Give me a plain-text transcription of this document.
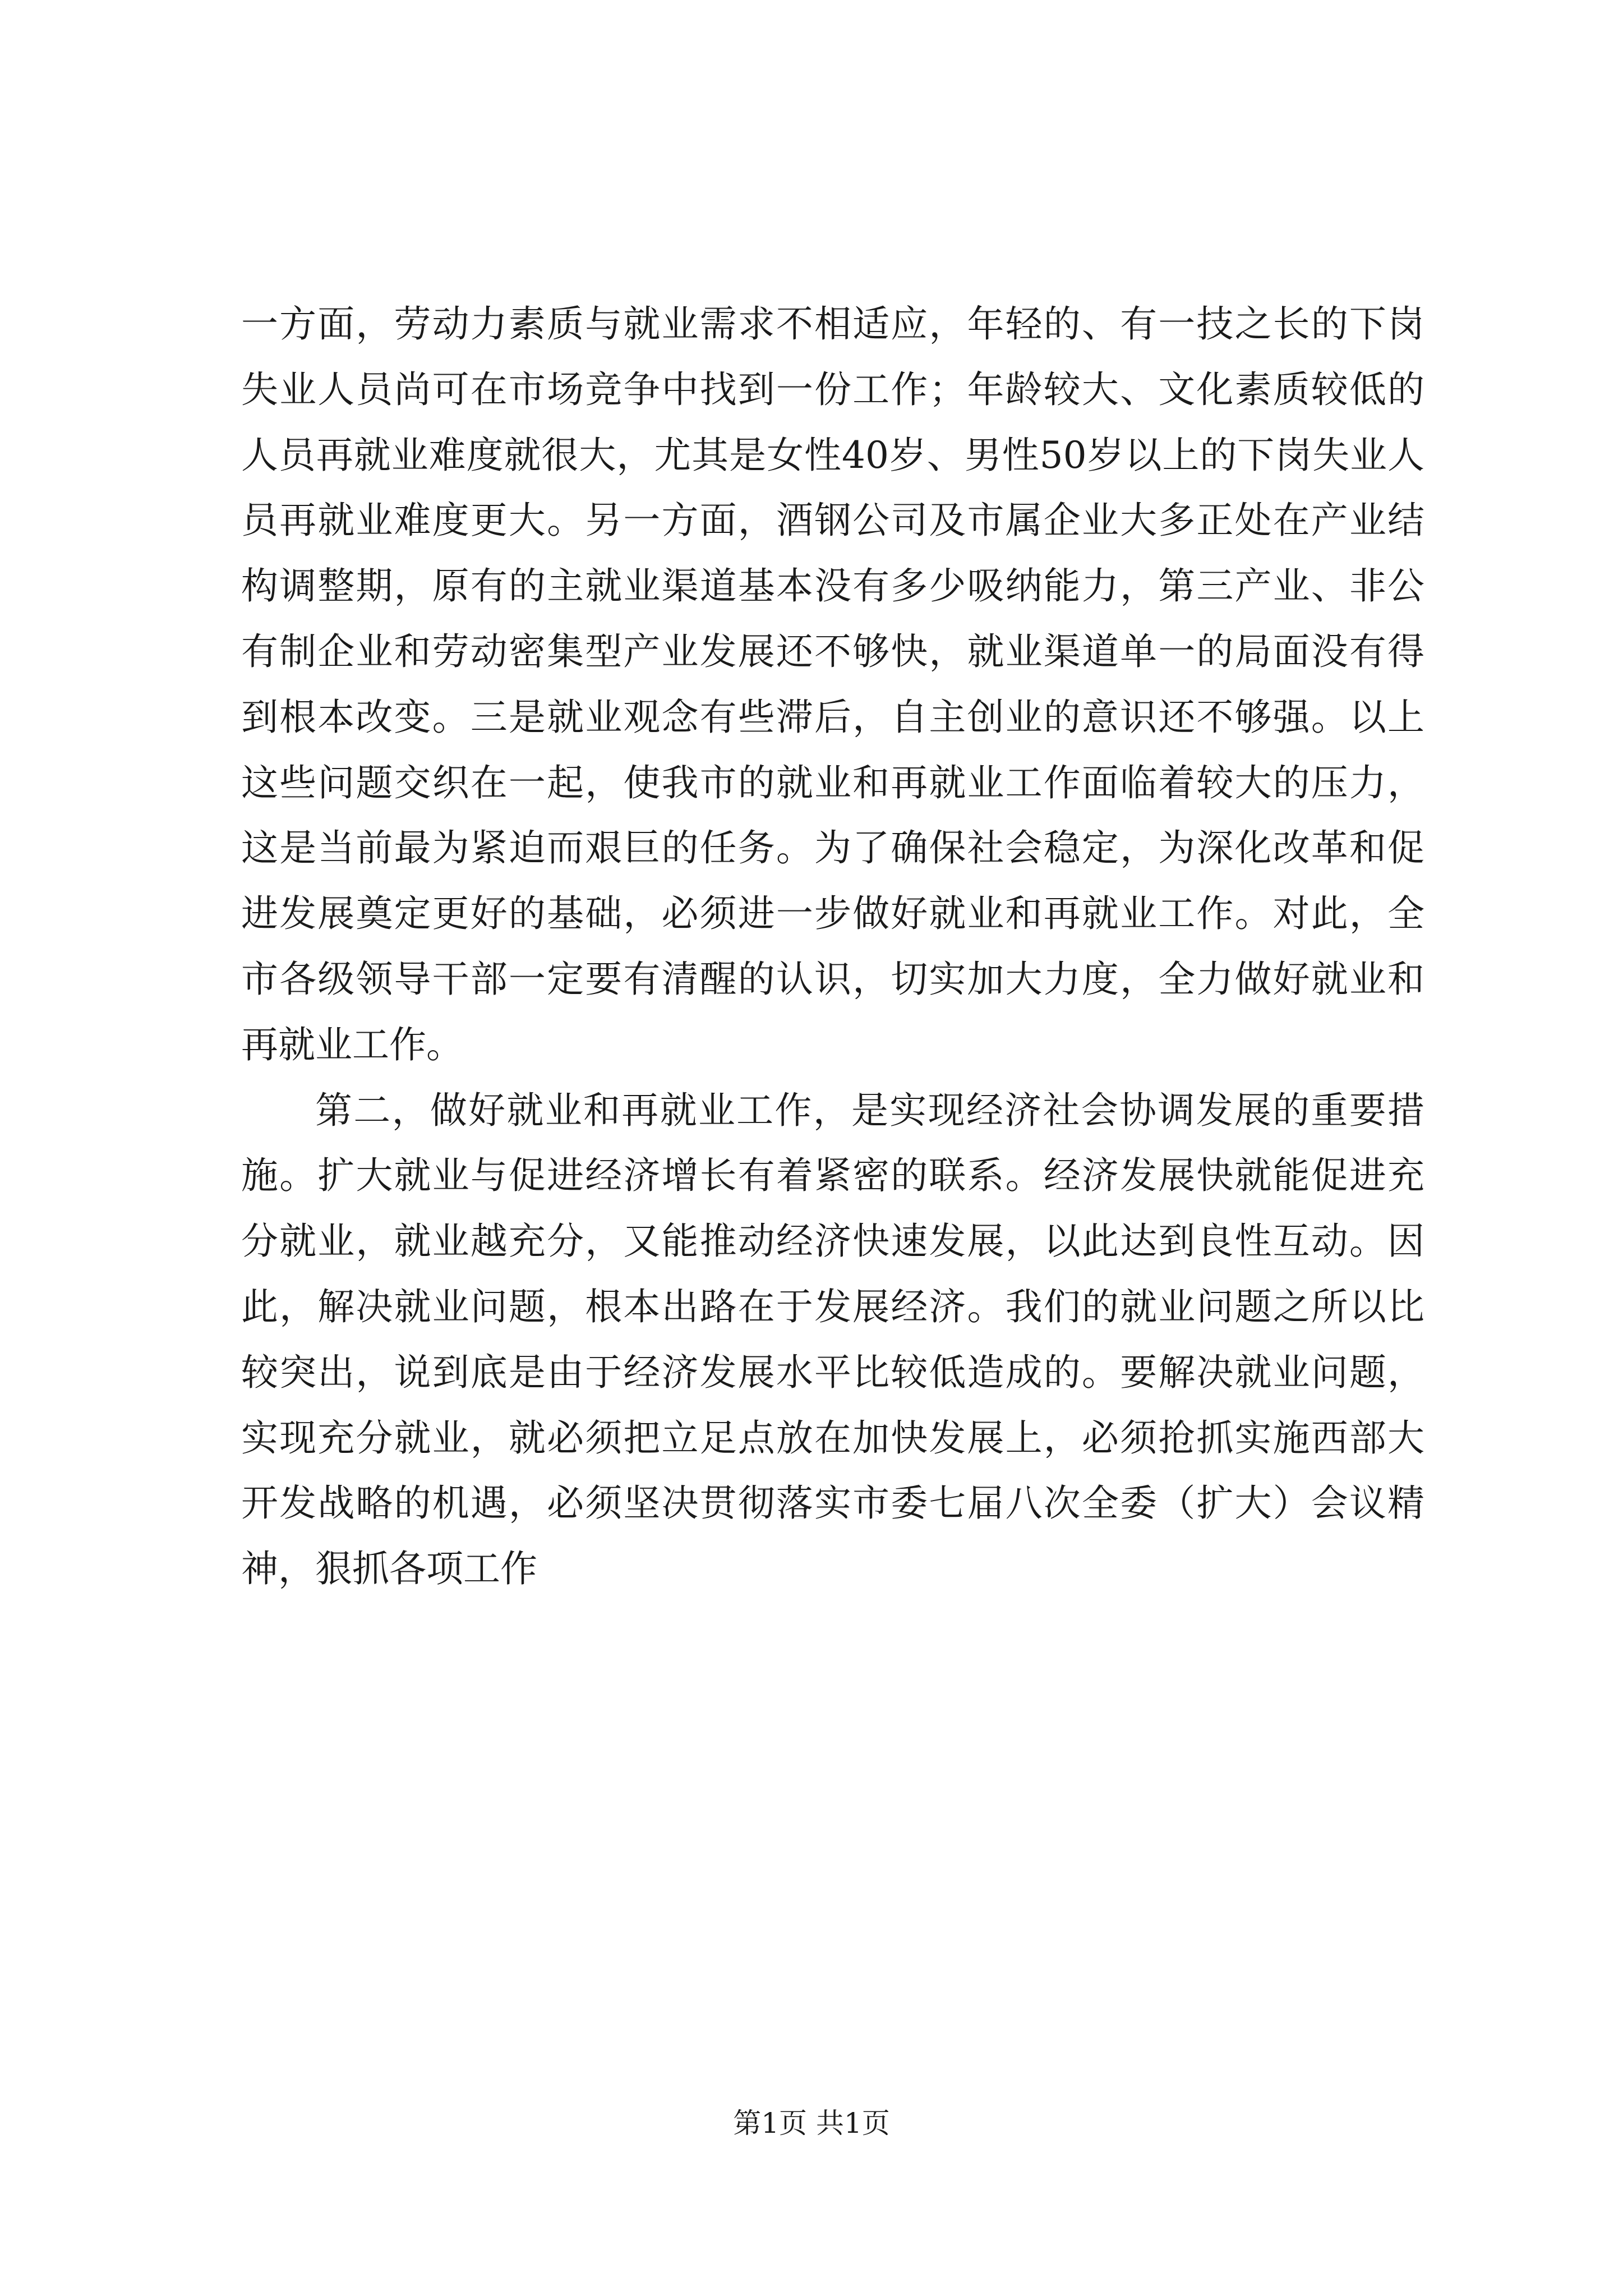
一方面，劳动力素质与就业需求不相适应，年轻的、有一技之长的下岗失业人员尚可在市场竞争中找到一份工作；年龄较大、文化素质较低的人员再就业难度就很大，尤其是女性40岁、男性50岁以上的下岗失业人员再就业难度更大。另一方面，酒钢公司及市属企业大多正处在产业结构调整期，原有的主就业渠道基本没有多少吸纳能力，第三产业、非公有制企业和劳动密集型产业发展还不够快，就业渠道单一的局面没有得到根本改变。三是就业观念有些滞后，自主创业的意识还不够强。以上这些问题交织在一起，使我市的就业和再就业工作面临着较大的压力，这是当前最为紧迫而艰巨的任务。为了确保社会稳定，为深化改革和促进发展奠定更好的基础，必须进一步做好就业和再就业工作。对此，全市各级领导干部一定要有清醒的认识，切实加大力度，全力做好就业和再就业工作。

第二，做好就业和再就业工作，是实现经济社会协调发展的重要措施。扩大就业与促进经济增长有着紧密的联系。经济发展快就能促进充分就业，就业越充分，又能推动经济快速发展，以此达到良性互动。因此，解决就业问题，根本出路在于发展经济。我们的就业问题之所以比较突出，说到底是由于经济发展水平比较低造成的。要解决就业问题，实现充分就业，就必须把立足点放在加快发展上，必须抢抓实施西部大开发战略的机遇，必须坚决贯彻落实市委七届八次全委（扩大）会议精神，狠抓各项工作

第1页 共1页
